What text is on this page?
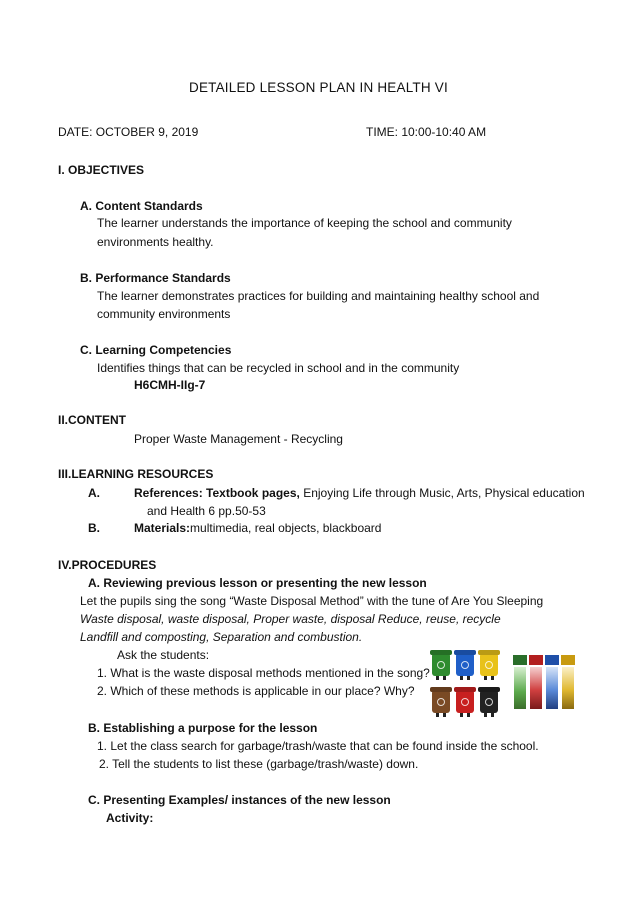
DETAILED LESSON PLAN IN HEALTH VI
DATE: OCTOBER 9, 2019	TIME: 10:00-10:40 AM
I. OBJECTIVES
A. Content Standards
The learner understands the importance of keeping the school and community
environments healthy.
B. Performance Standards
The learner demonstrates practices for building and maintaining healthy school and
community environments
C. Learning Competencies
Identifies things that can be recycled in school and in the community
H6CMH-IIg-7
II.CONTENT
Proper Waste Management - Recycling
III.LEARNING RESOURCES
A.	References: Textbook pages, Enjoying Life through Music, Arts, Physical education
and Health 6 pp.50-53
B.	Materials:multimedia, real objects, blackboard
IV.PROCEDURES
A. Reviewing previous lesson or presenting the new lesson
Let the pupils sing the song “Waste Disposal Method” with the tune of Are You Sleeping
Waste disposal, waste disposal, Proper waste, disposal Reduce, reuse, recycle
Landfill and composting, Separation and combustion.
Ask the students:
1. What is the waste disposal methods mentioned in the song?
2. Which of these methods is applicable in our place? Why?
B. Establishing a purpose for the lesson
1. Let the class search for garbage/trash/waste that can be found inside the school.
2. Tell the students to list these (garbage/trash/waste) down.
C. Presenting Examples/ instances of the new lesson
Activity:
